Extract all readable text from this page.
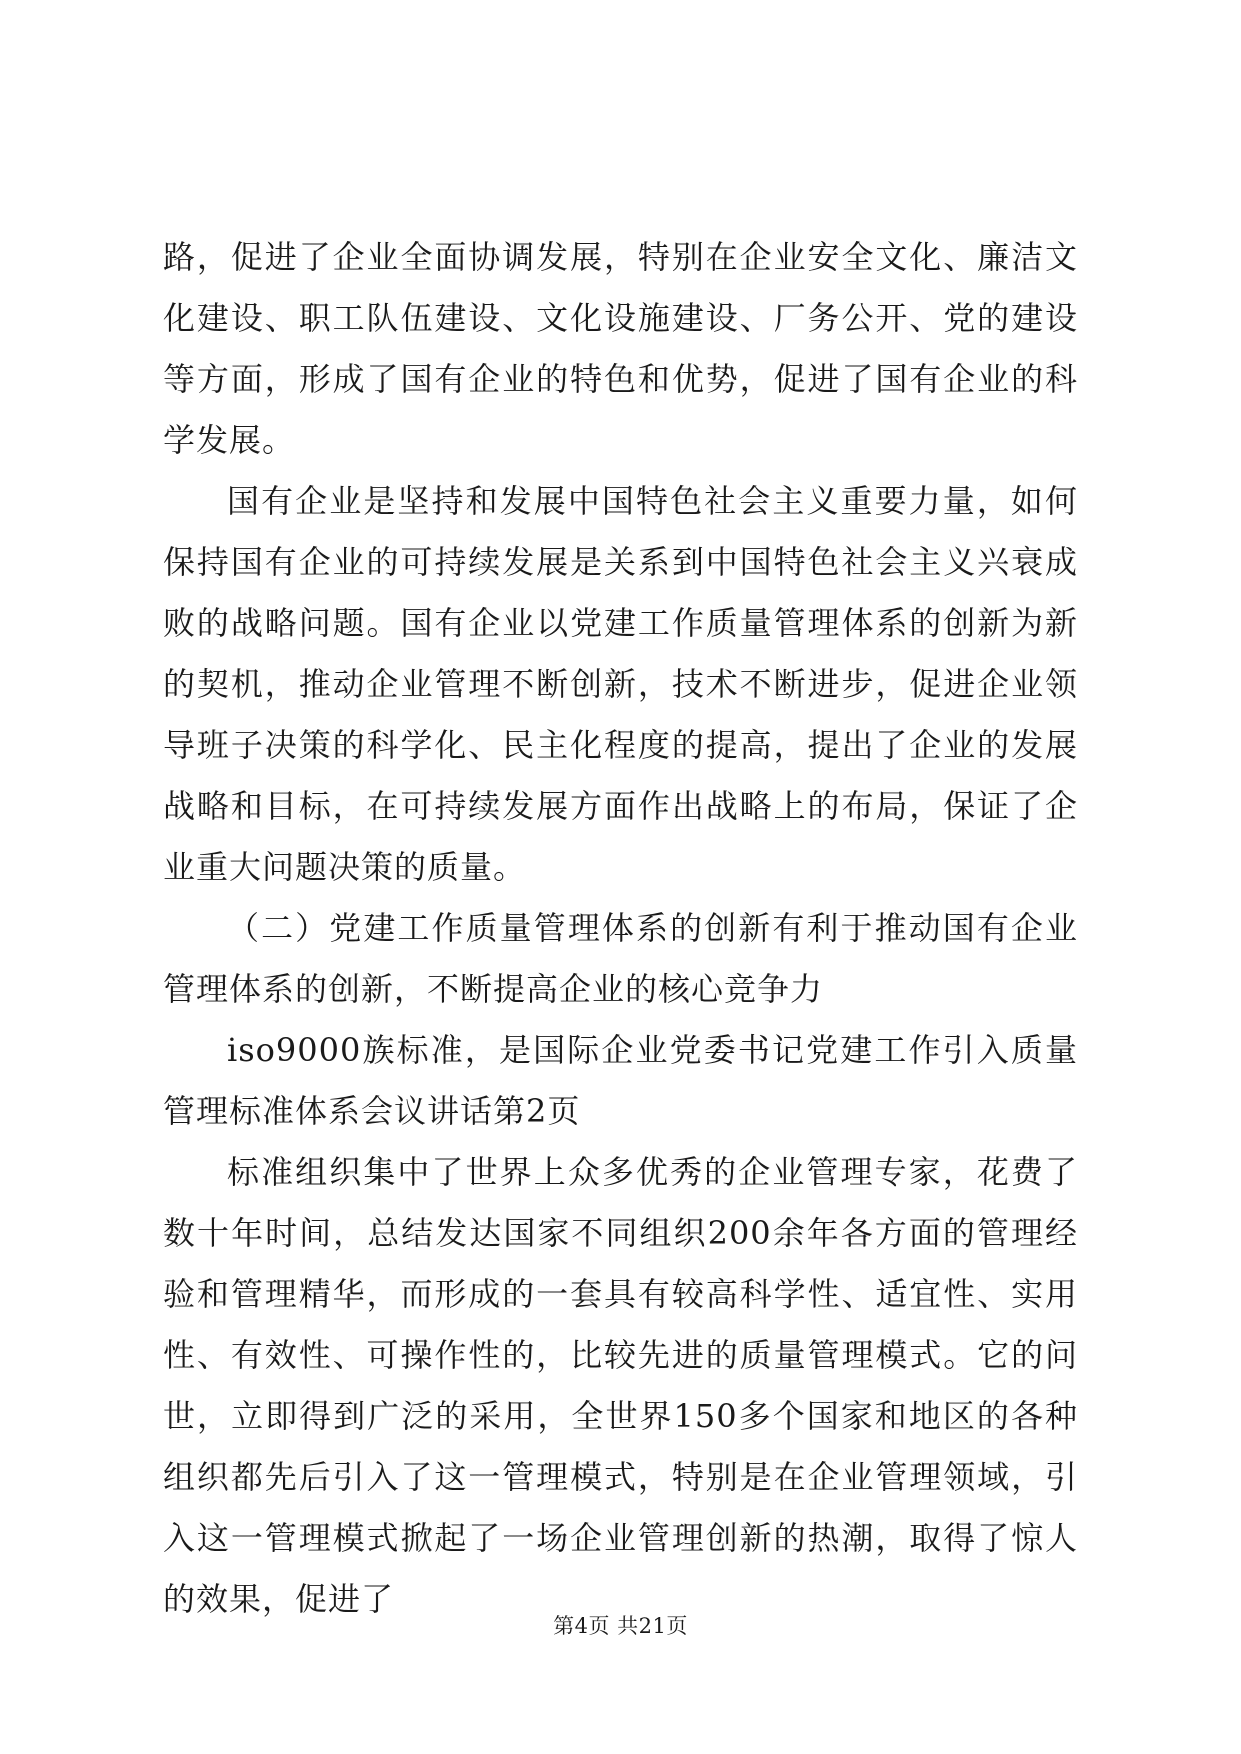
路，促进了企业全面协调发展，特别在企业安全文化、廉洁文化建设、职工队伍建设、文化设施建设、厂务公开、党的建设等方面，形成了国有企业的特色和优势，促进了国有企业的科学发展。

国有企业是坚持和发展中国特色社会主义重要力量，如何保持国有企业的可持续发展是关系到中国特色社会主义兴衰成败的战略问题。国有企业以党建工作质量管理体系的创新为新的契机，推动企业管理不断创新，技术不断进步，促进企业领导班子决策的科学化、民主化程度的提高，提出了企业的发展战略和目标，在可持续发展方面作出战略上的布局，保证了企业重大问题决策的质量。

（二）党建工作质量管理体系的创新有利于推动国有企业管理体系的创新，不断提高企业的核心竞争力

iso9000族标准，是国际企业党委书记党建工作引入质量管理标准体系会议讲话第2页

标准组织集中了世界上众多优秀的企业管理专家，花费了数十年时间，总结发达国家不同组织200余年各方面的管理经验和管理精华，而形成的一套具有较高科学性、适宜性、实用性、有效性、可操作性的，比较先进的质量管理模式。它的问世，立即得到广泛的采用，全世界150多个国家和地区的各种组织都先后引入了这一管理模式，特别是在企业管理领域，引入这一管理模式掀起了一场企业管理创新的热潮，取得了惊人的效果，促进了

第4页 共21页
